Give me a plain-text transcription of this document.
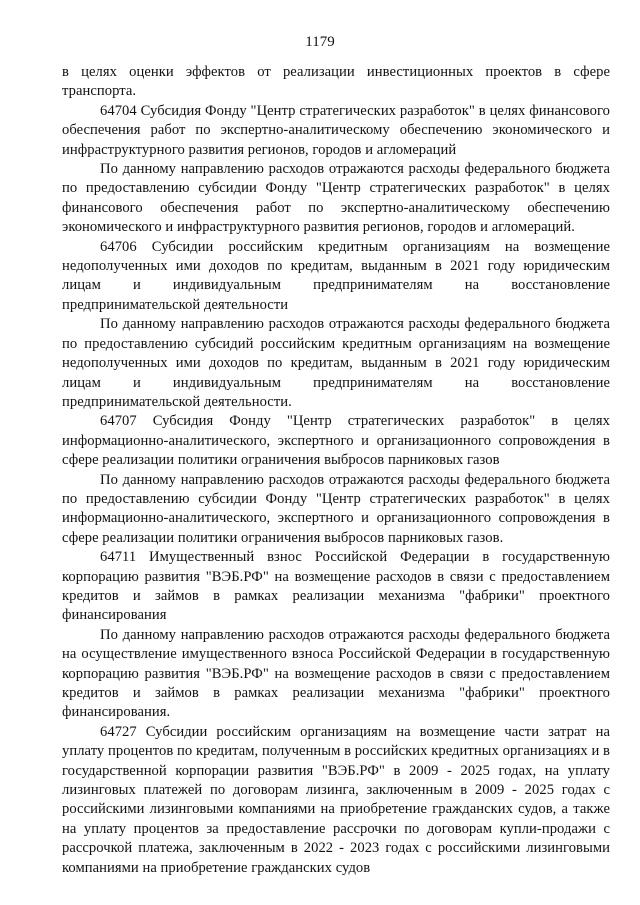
1179

в целях оценки эффектов от реализации инвестиционных проектов в сфере транспорта.

64704 Субсидия Фонду "Центр стратегических разработок" в целях финансового обеспечения работ по экспертно-аналитическому обеспечению экономического и инфраструктурного развития регионов, городов и агломераций

По данному направлению расходов отражаются расходы федерального бюджета по предоставлению субсидии Фонду "Центр стратегических разработок" в целях финансового обеспечения работ по экспертно-аналитическому обеспечению экономического и инфраструктурного развития регионов, городов и агломераций.

64706 Субсидии российским кредитным организациям на возмещение недополученных ими доходов по кредитам, выданным в 2021 году юридическим лицам и индивидуальным предпринимателям на восстановление предпринимательской деятельности

По данному направлению расходов отражаются расходы федерального бюджета по предоставлению субсидий российским кредитным организациям на возмещение недополученных ими доходов по кредитам, выданным в 2021 году юридическим лицам и индивидуальным предпринимателям на восстановление предпринимательской деятельности.

64707 Субсидия Фонду "Центр стратегических разработок" в целях информационно-аналитического, экспертного и организационного сопровождения в сфере реализации политики ограничения выбросов парниковых газов

По данному направлению расходов отражаются расходы федерального бюджета по предоставлению субсидии Фонду "Центр стратегических разработок" в целях информационно-аналитического, экспертного и организационного сопровождения в сфере реализации политики ограничения выбросов парниковых газов.

64711 Имущественный взнос Российской Федерации в государственную корпорацию развития "ВЭБ.РФ" на возмещение расходов в связи с предоставлением кредитов и займов в рамках реализации механизма "фабрики" проектного финансирования

По данному направлению расходов отражаются расходы федерального бюджета на осуществление имущественного взноса Российской Федерации в государственную корпорацию развития "ВЭБ.РФ" на возмещение расходов в связи с предоставлением кредитов и займов в рамках реализации механизма "фабрики" проектного финансирования.

64727 Субсидии российским организациям на возмещение части затрат на уплату процентов по кредитам, полученным в российских кредитных организациях и в государственной корпорации развития "ВЭБ.РФ" в 2009 - 2025 годах, на уплату лизинговых платежей по договорам лизинга, заключенным в 2009 - 2025 годах с российскими лизинговыми компаниями на приобретение гражданских судов, а также на уплату процентов за предоставление рассрочки по договорам купли-продажи с рассрочкой платежа, заключенным в 2022 - 2023 годах с российскими лизинговыми компаниями на приобретение гражданских судов
